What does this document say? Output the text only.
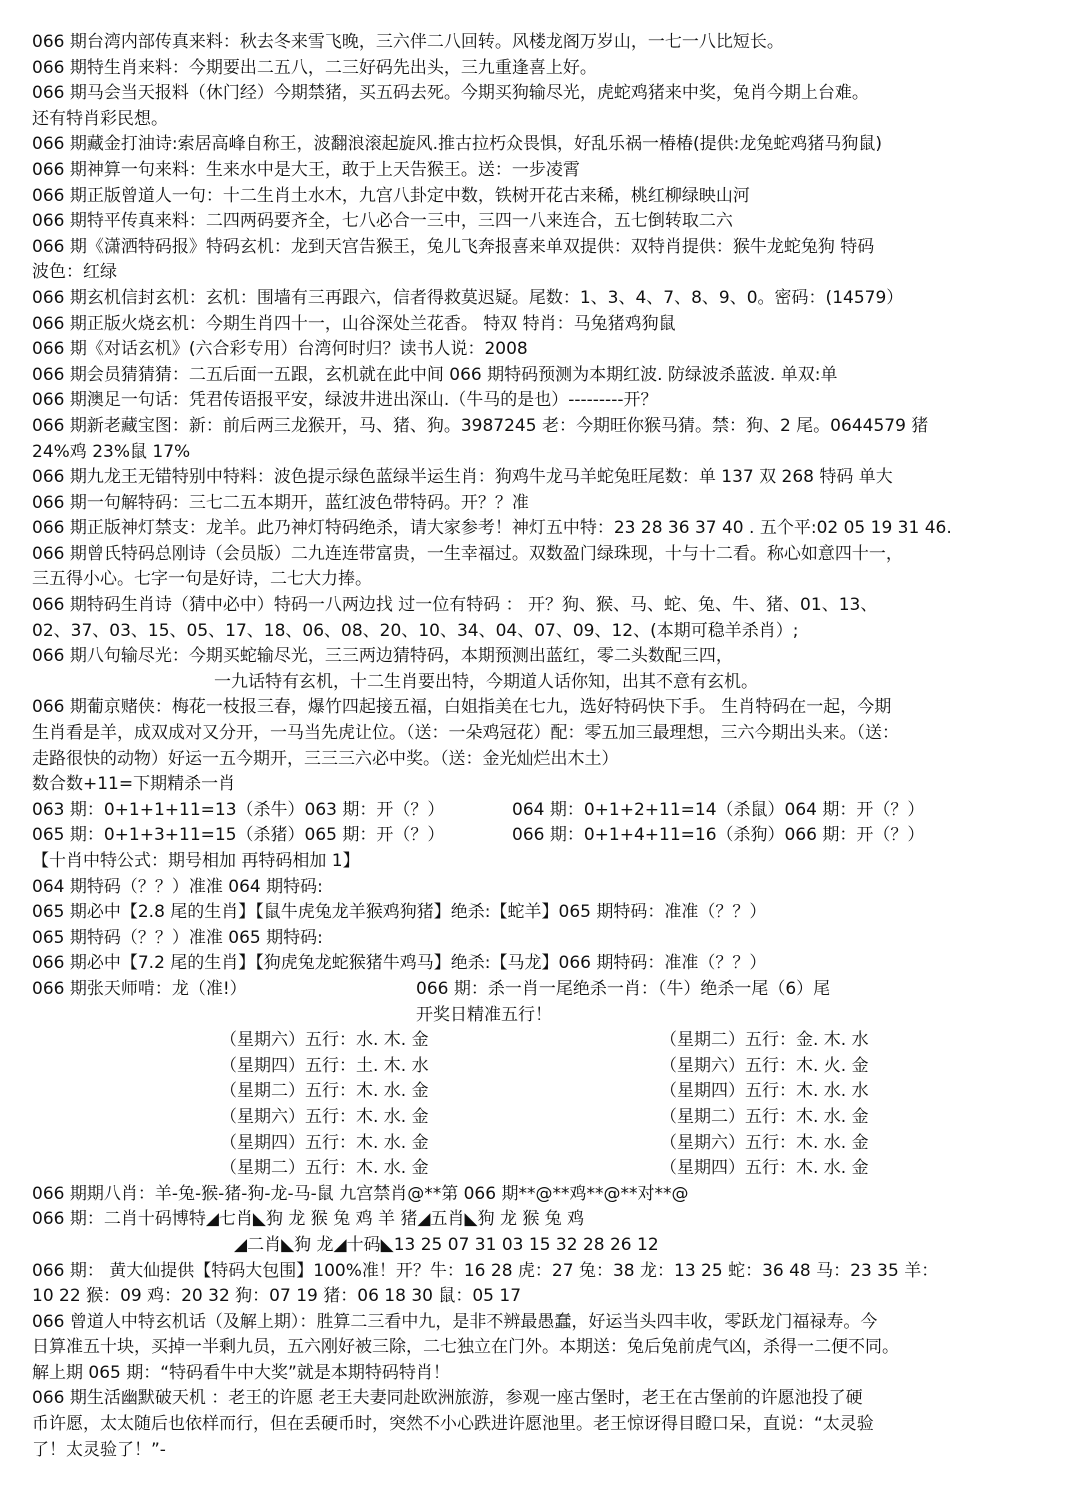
066 期台湾内部传真来料：秋去冬来雪飞晚，三六伴二八回转。风楼龙阁万岁山，一七一八比短长。
066 期特生肖来料：今期要出二五八，二三好码先出头，三九重逢喜上好。
066 期马会当天报料（休门经）今期禁猪，买五码去死。今期买狗输尽光，虎蛇鸡猪来中奖，兔肖今期上台难。
还有特肖彩民想。
066 期藏金打油诗:索居高峰自称王，波翻浪滚起旋风.推古拉朽众畏惧，好乱乐祸一椿椿(提供:龙兔蛇鸡猪马狗鼠)
066 期神算一句来料：生来水中是大王，敢于上天告猴王。送：一步凌霄
066 期正版曾道人一句：十二生肖土水木，九宫八卦定中数，铁树开花古来稀，桃红柳绿映山河
066 期特平传真来料：二四两码要齐全，七八必合一三中，三四一八来连合，五七倒转取二六
066 期《潇洒特码报》特码玄机：龙到天宫告猴王，兔儿飞奔报喜来单双提供：双特肖提供：猴牛龙蛇兔狗 特码
波色：红绿
066 期玄机信封玄机：玄机：围墙有三再跟六，信者得救莫迟疑。尾数：1、3、4、7、8、9、0。密码：(14579）
066 期正版火烧玄机：今期生肖四十一，山谷深处兰花香。 特双 特肖：马兔猪鸡狗鼠
066 期《对话玄机》(六合彩专用）台湾何时归？读书人说：2008
066 期会员猜猜猜：二五后面一五跟，玄机就在此中间 066 期特码预测为本期红波. 防绿波杀蓝波. 单双:单
066 期澳足一句话：凭君传语报平安，绿波井进出深山.（牛马的是也）---------开？
066 期新老藏宝图：新：前后两三龙猴开，马、猪、狗。3987245 老：今期旺你猴马猜。禁：狗、2 尾。0644579 猪
24%鸡 23%鼠 17%
066 期九龙王无错特别中特料：波色提示绿色蓝绿半运生肖：狗鸡牛龙马羊蛇兔旺尾数：单 137 双 268 特码 单大
066 期一句解特码：三七二五本期开，蓝红波色带特码。开？？准
066 期正版神灯禁支：龙羊。此乃神灯特码绝杀，请大家参考！神灯五中特：23 28 36 37 40 . 五个平:02 05 19 31 46.
066 期曾氏特码总刚诗（会员版）二九连连带富贵，一生幸福过。双数盈门绿珠现，十与十二看。称心如意四十一，
三五得小心。七字一句是好诗，二七大力捧。
066 期特码生肖诗（猜中必中）特码一八两边找 过一位有特码 ： 开？狗、猴、马、蛇、兔、牛、猪、01、13、
02、37、03、15、05、17、18、06、08、20、10、34、04、07、09、12、(本期可稳羊杀肖）;
066 期八句输尽光：今期买蛇输尽光，三三两边猜特码，本期预测出蓝红，零二头数配三四，
一九话特有玄机，十二生肖要出特，今期道人话你知，出其不意有玄机。
066 期葡京赌侠：梅花一枝报三春，爆竹四起接五福，白姐指美在七九，选好特码快下手。 生肖特码在一起，今期
生肖看是羊，成双成对又分开，一马当先虎让位。（送：一朵鸡冠花）配：零五加三最理想，三六今期出头来。（送：
走路很快的动物）好运一五今期开，三三三六必中奖。（送：金光灿烂出木土）
数合数+11=下期精杀一肖
063 期：0+1+1+11=13（杀牛）063 期：开（？）	064 期：0+1+2+11=14（杀鼠）064 期：开（？）
065 期：0+1+3+11=15（杀猪）065 期：开（？）	066 期：0+1+4+11=16（杀狗）066 期：开（？）
【十肖中特公式：期号相加 再特码相加 1】
064 期特码（？？）准准 064 期特码:
065 期必中【2.8 尾的生肖】【鼠牛虎兔龙羊猴鸡狗猪】绝杀:【蛇羊】065 期特码：准准（？？）
065 期特码（？？）准准 065 期特码:
066 期必中【7.2 尾的生肖】【狗虎兔龙蛇猴猪牛鸡马】绝杀:【马龙】066 期特码：准准（？？）
066 期张天师啃：龙（准!）	066 期：杀一肖一尾绝杀一肖：（牛）绝杀一尾（6）尾
开奖日精准五行！
（星期六）五行：水. 木. 金	（星期二）五行：金. 木. 水
（星期四）五行：土. 木. 水	（星期六）五行：木. 火. 金
（星期二）五行：木. 水. 金	（星期四）五行：木. 水. 水
（星期六）五行：木. 水. 金	（星期二）五行：木. 水. 金
（星期四）五行：木. 水. 金	（星期六）五行：木. 水. 金
（星期二）五行：木. 水. 金	（星期四）五行：木. 水. 金
066 期期八肖：羊-兔-猴-猪-狗-龙-马-鼠 九宫禁肖@**第 066 期**@**鸡**@**对**@
066 期：二肖十码博特◢七肖◣狗 龙 猴 兔 鸡 羊 猪◢五肖◣狗 龙 猴 兔 鸡
◢二肖◣狗 龙◢十码◣13 25 07 31 03 15 32 28 26 12
066 期： 黄大仙提供【特码大包围】100%准！开？牛：16 28 虎：27 兔：38 龙：13 25 蛇：36 48 马：23 35 羊：
10 22 猴：09 鸡：20 32 狗：07 19 猪：06 18 30 鼠：05 17
066 曾道人中特玄机话（及解上期）：胜算二三看中九，是非不辨最愚蠢，好运当头四丰收，零跃龙门福禄寿。今
日算准五十块，买掉一半剩九员，五六刚好被三除，二七独立在门外。本期送：兔后兔前虎气凶，杀得一二便不同。
解上期 065 期：“特码看牛中大奖”就是本期特码特肖！
066 期生活幽默破天机 ：老王的许愿 老王夫妻同赴欧洲旅游，参观一座古堡时，老王在古堡前的许愿池投了硬
币许愿，太太随后也依样而行，但在丢硬币时，突然不小心跌进许愿池里。老王惊讶得目瞪口呆，直说：“太灵验
了！太灵验了！”-
